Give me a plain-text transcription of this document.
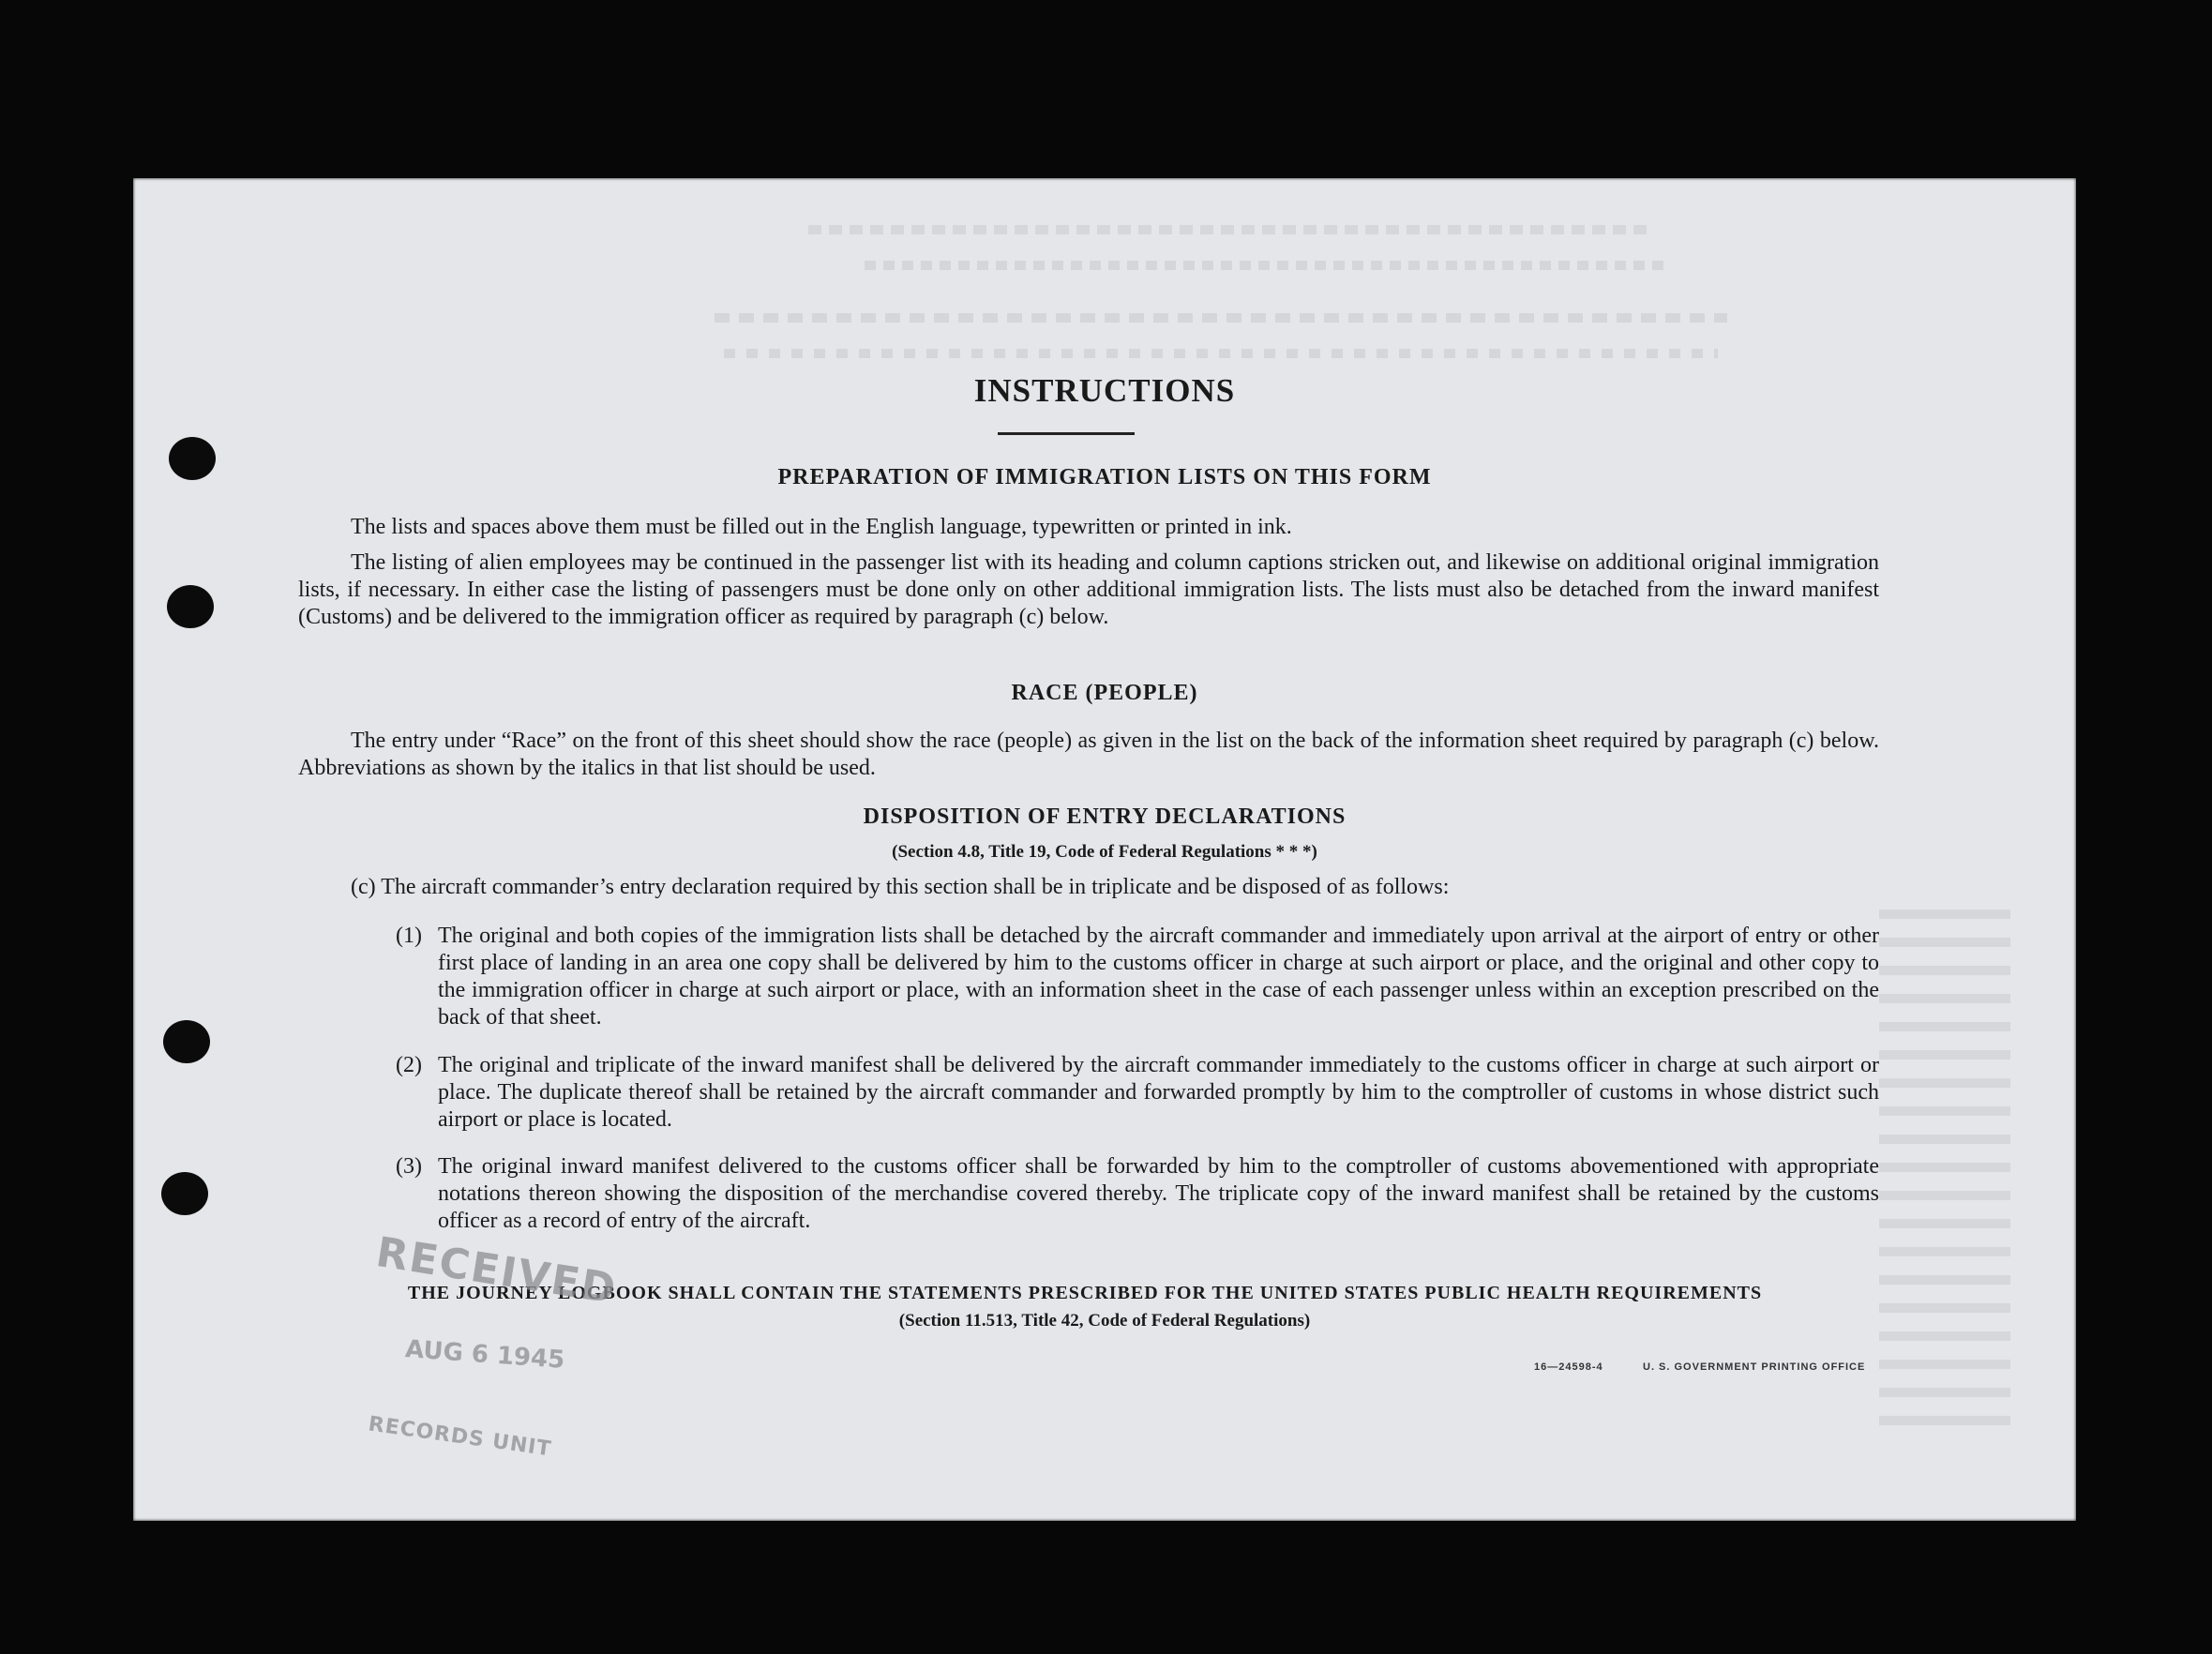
INSTRUCTIONS
PREPARATION OF IMMIGRATION LISTS ON THIS FORM
The lists and spaces above them must be filled out in the English language, typewritten or printed in ink.
The listing of alien employees may be continued in the passenger list with its heading and column captions stricken out, and likewise on additional original immigration lists, if necessary. In either case the listing of passengers must be done only on other additional immigration lists. The lists must also be detached from the inward manifest (Customs) and be delivered to the immigration officer as required by paragraph (c) below.
RACE (PEOPLE)
The entry under “Race” on the front of this sheet should show the race (people) as given in the list on the back of the information sheet required by paragraph (c) below. Abbreviations as shown by the italics in that list should be used.
DISPOSITION OF ENTRY DECLARATIONS
(Section 4.8, Title 19, Code of Federal Regulations * * *)
(c) The aircraft commander’s entry declaration required by this section shall be in triplicate and be disposed of as follows:
(1) The original and both copies of the immigration lists shall be detached by the aircraft commander and immediately upon arrival at the airport of entry or other first place of landing in an area one copy shall be delivered by him to the customs officer in charge at such airport or place, and the original and other copy to the immigration officer in charge at such airport or place, with an information sheet in the case of each passenger unless within an exception prescribed on the back of that sheet.
(2) The original and triplicate of the inward manifest shall be delivered by the aircraft commander immediately to the customs officer in charge at such airport or place. The duplicate thereof shall be retained by the aircraft commander and forwarded promptly by him to the comptroller of customs in whose district such airport or place is located.
(3) The original inward manifest delivered to the customs officer shall be forwarded by him to the comptroller of customs abovementioned with appropriate notations thereon showing the disposition of the merchandise covered thereby. The triplicate copy of the inward manifest shall be retained by the customs officer as a record of entry of the aircraft.
THE JOURNEY LOGBOOK SHALL CONTAIN THE STATEMENTS PRESCRIBED FOR THE UNITED STATES PUBLIC HEALTH REQUIREMENTS
(Section 11.513, Title 42, Code of Federal Regulations)
16—24598-4	U. S. GOVERNMENT PRINTING OFFICE
RECEIVED
AUG 6 1945
RECORDS UNIT
